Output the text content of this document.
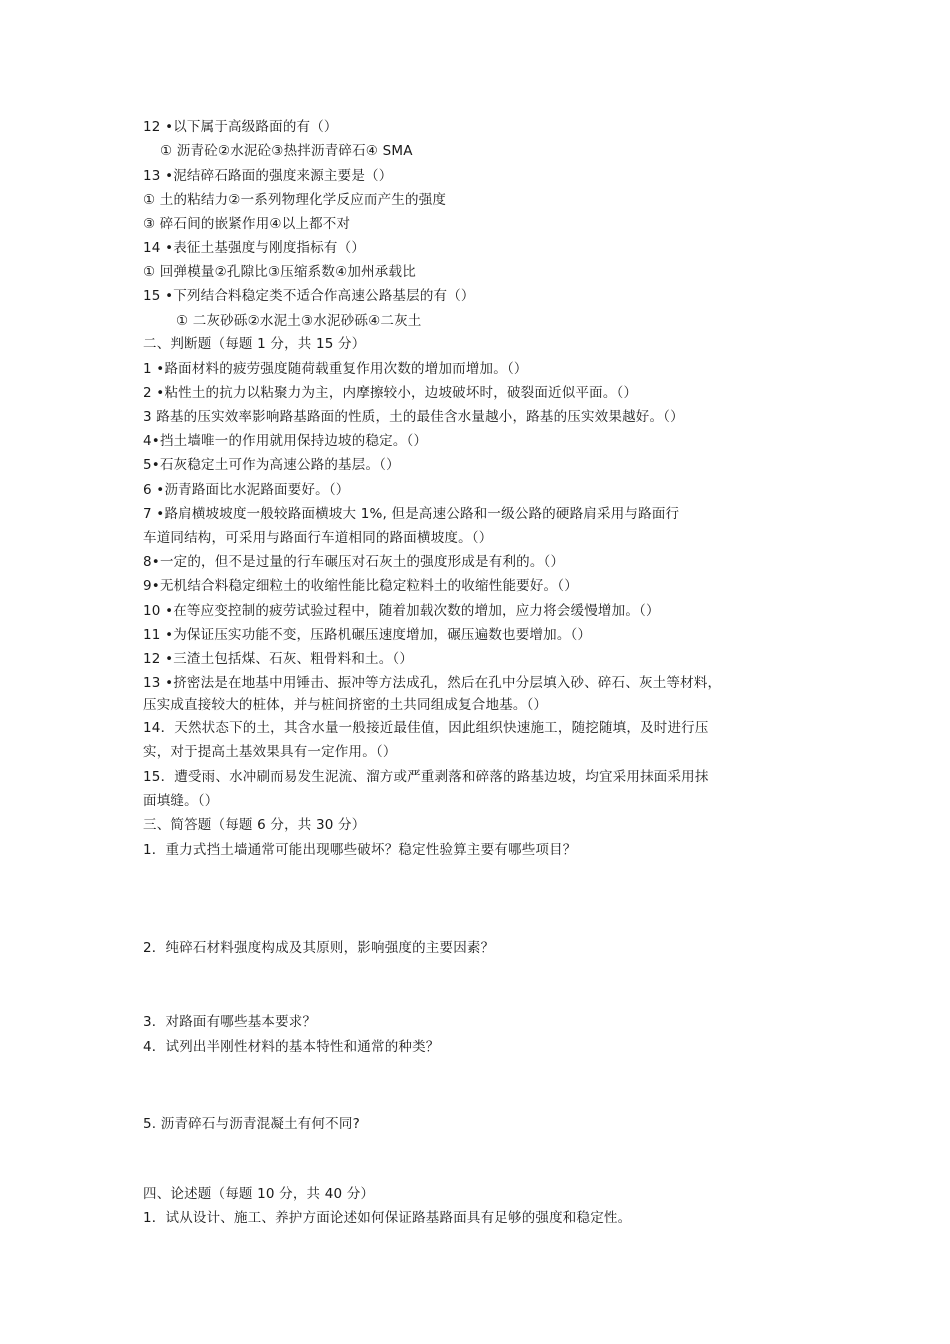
12 •以下属于高级路面的有（）
① 沥青砼②水泥砼③热拌沥青碎石④ SMA
13 •泥结碎石路面的强度来源主要是（）
① 土的粘结力②一系列物理化学反应而产生的强度
③ 碎石间的嵌紧作用④以上都不对
14 •表征土基强度与刚度指标有（）
① 回弹模量②孔隙比③压缩系数④加州承载比
15 •下列结合料稳定类不适合作高速公路基层的有（）
① 二灰砂砾②水泥土③水泥砂砾④二灰土
二、判断题（每题 1 分，共 15 分）
1 •路面材料的疲劳强度随荷载重复作用次数的增加而增加。（）
2 •粘性土的抗力以粘聚力为主，内摩擦较小，边坡破坏时，破裂面近似平面。（）
3 路基的压实效率影响路基路面的性质，土的最佳含水量越小，路基的压实效果越好。（）
4•挡土墙唯一的作用就用保持边坡的稳定。（）
5•石灰稳定土可作为高速公路的基层。（）
6 •沥青路面比水泥路面要好。（）
7 •路肩横坡坡度一般较路面横坡大 1%, 但是高速公路和一级公路的硬路肩采用与路面行
车道同结构，可采用与路面行车道相同的路面横坡度。（）
8•一定的，但不是过量的行车碾压对石灰土的强度形成是有利的。（）
9•无机结合料稳定细粒土的收缩性能比稳定粒料土的收缩性能要好。（）
10 •在等应变控制的疲劳试验过程中，随着加载次数的增加，应力将会缓慢增加。（）
11 •为保证压实功能不变，压路机碾压速度增加，碾压遍数也要增加。（）
12 •三渣土包括煤、石灰、粗骨料和土。（）
13 •挤密法是在地基中用锤击、振冲等方法成孔，然后在孔中分层填入砂、碎石、灰土等材料，
压实成直接较大的桩体，并与桩间挤密的土共同组成复合地基。（）
14．天然状态下的土，其含水量一般接近最佳值，因此组织快速施工，随挖随填，及时进行压
实，对于提高土基效果具有一定作用。（）
15．遭受雨、水冲刷而易发生泥流、溜方或严重剥落和碎落的路基边坡，均宜采用抹面采用抹
面填缝。（）
三、简答题（每题 6 分，共 30 分）
1．重力式挡土墙通常可能出现哪些破坏？稳定性验算主要有哪些项目？
2．纯碎石材料强度构成及其原则，影响强度的主要因素？
3．对路面有哪些基本要求？
4．试列出半刚性材料的基本特性和通常的种类？
5. 沥青碎石与沥青混凝土有何不同?
四、论述题（每题 10 分，共 40 分）
1．试从设计、施工、养护方面论述如何保证路基路面具有足够的强度和稳定性。
